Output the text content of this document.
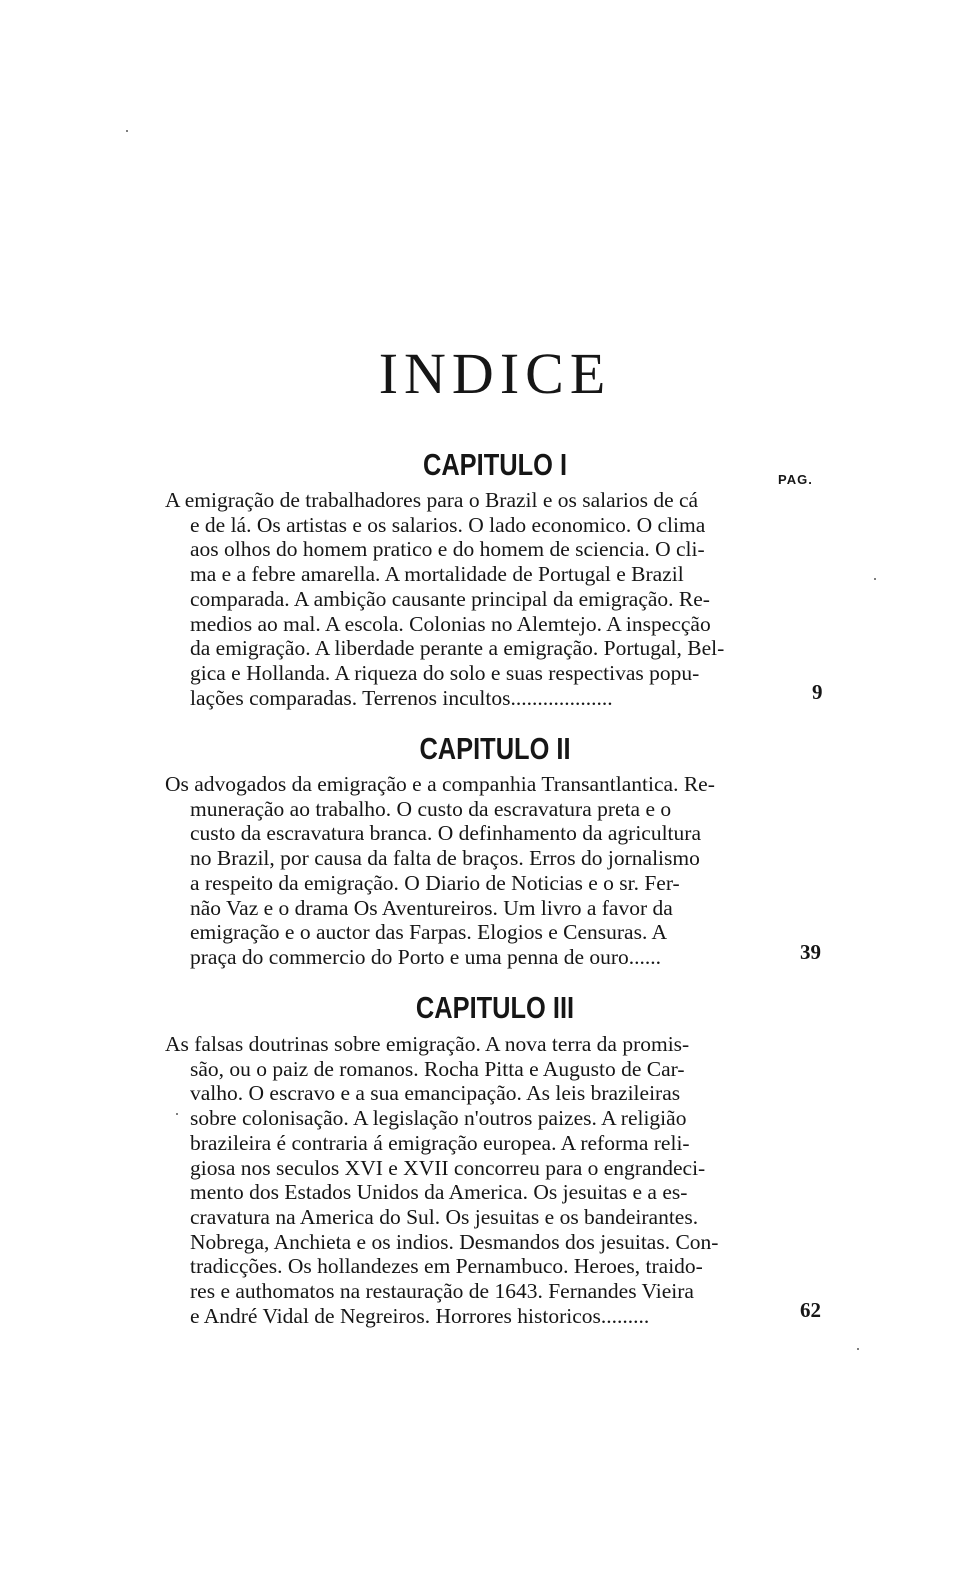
INDICE
PAG.
CAPITULO I
A emigração de trabalhadores para o Brazil e os salarios de cá
e de lá. Os artistas e os salarios. O lado economico. O clima
aos olhos do homem pratico e do homem de sciencia. O cli-
ma e a febre amarella. A mortalidade de Portugal e Brazil
comparada. A ambição causante principal da emigração. Re-
medios ao mal. A escola. Colonias no Alemtejo. A inspecção
da emigração. A liberdade perante a emigração. Portugal, Bel-
gica e Hollanda. A riqueza do solo e suas respectivas popu-
lações comparadas. Terrenos incultos...................	9
CAPITULO II
Os advogados da emigração e a companhia Transantlantica. Re-
muneração ao trabalho. O custo da escravatura preta e o
custo da escravatura branca. O definhamento da agricultura
no Brazil, por causa da falta de braços. Erros do jornalismo
a respeito da emigração. O Diario de Noticias e o sr. Fer-
não Vaz e o drama Os Aventureiros. Um livro a favor da
emigração e o auctor das Farpas. Elogios e Censuras. A
praça do commercio do Porto e uma penna de ouro......	39
CAPITULO III
As falsas doutrinas sobre emigração. A nova terra da promis-
são, ou o paiz de romanos. Rocha Pitta e Augusto de Car-
valho. O escravo e a sua emancipação. As leis brazileiras
sobre colonisação. A legislação n'outros paizes. A religião
brazileira é contraria á emigração europea. A reforma reli-
giosa nos seculos XVI e XVII concorreu para o engrandeci-
mento dos Estados Unidos da America. Os jesuitas e a es-
cravatura na America do Sul. Os jesuitas e os bandeirantes.
Nobrega, Anchieta e os indios. Desmandos dos jesuitas. Con-
tradicções. Os hollandezes em Pernambuco. Heroes, traido-
res e authomatos na restauração de 1643. Fernandes Vieira
e André Vidal de Negreiros. Horrores historicos.........	62
